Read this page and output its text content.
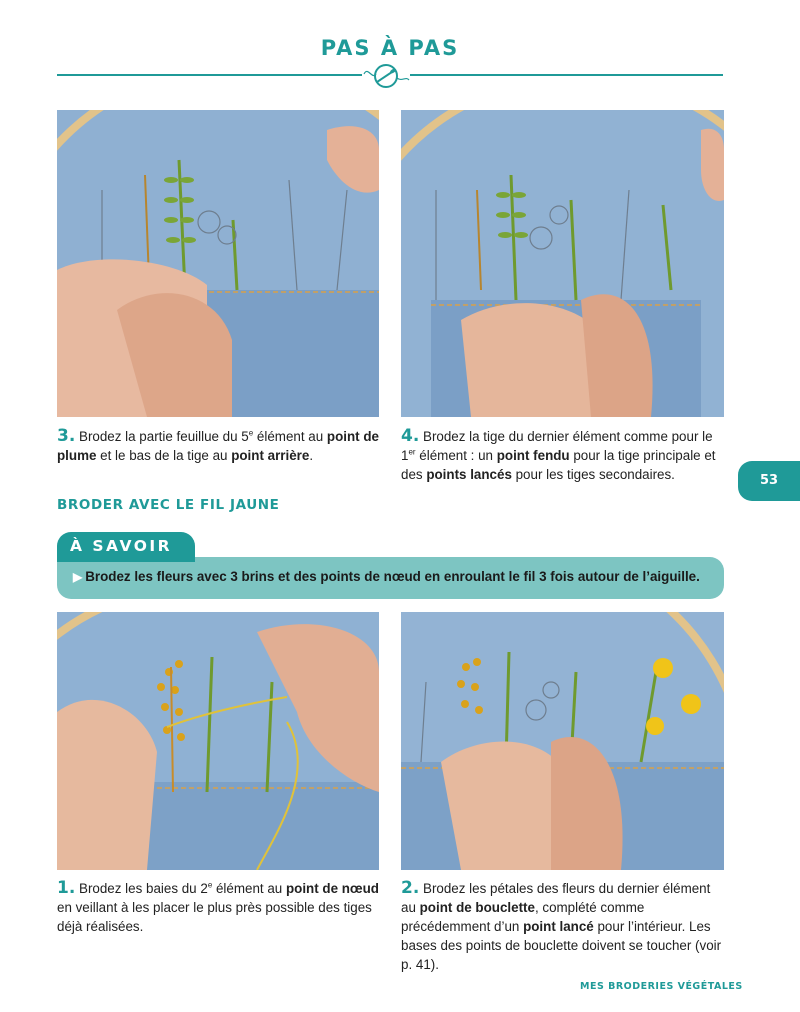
PAS À PAS
3. Brodez la partie feuilluе du 5e élément au point de plume et le bas de la tige au point arrière.
4. Brodez la tige du dernier élément comme pour le 1er élément : un point fendu pour la tige principale et des points lancés pour les tiges secondaires.	53
BRODER AVEC LE FIL JAUNE
À SAVOIR
▶ Brodez les fleurs avec 3 brins et des points de nœud en enroulant le fil 3 fois autour de l’aiguille.
1. Brodez les baies du 2e élément au point de nœud en veillant à les placer le plus près possible des tiges déjà réalisées.
2. Brodez les pétales des fleurs du dernier élément au point de bouclette, complété comme précédemment d’un point lancé pour l’intérieur. Les bases des points de bouclette doivent se toucher (voir p. 41).
MES BRODERIES VÉGÉTALES
